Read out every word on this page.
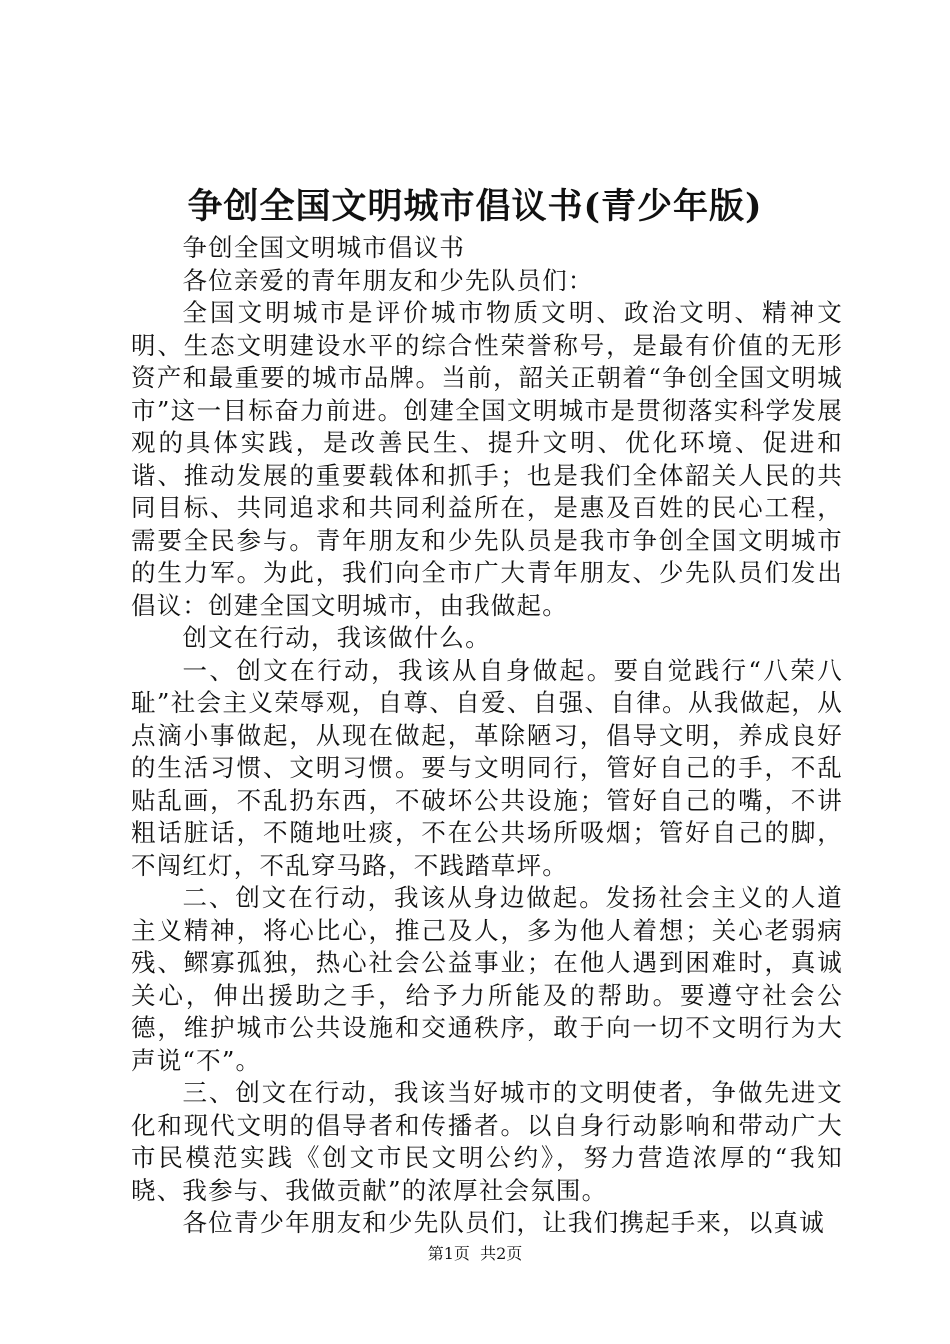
争创全国文明城市倡议书(青少年版)

争创全国文明城市倡议书

各位亲爱的青年朋友和少先队员们：

全国文明城市是评价城市物质文明、政治文明、精神文明、生态文明建设水平的综合性荣誉称号，是最有价值的无形资产和最重要的城市品牌。当前，韶关正朝着“争创全国文明城市”这一目标奋力前进。创建全国文明城市是贯彻落实科学发展观的具体实践，是改善民生、提升文明、优化环境、促进和谐、推动发展的重要载体和抓手；也是我们全体韶关人民的共同目标、共同追求和共同利益所在，是惠及百姓的民心工程，需要全民参与。青年朋友和少先队员是我市争创全国文明城市的生力军。为此，我们向全市广大青年朋友、少先队员们发出倡议：创建全国文明城市，由我做起。

创文在行动，我该做什么。

一、创文在行动，我该从自身做起。要自觉践行“八荣八耻”社会主义荣辱观，自尊、自爱、自强、自律。从我做起，从点滴小事做起，从现在做起，革除陋习，倡导文明，养成良好的生活习惯、文明习惯。要与文明同行，管好自己的手，不乱贴乱画，不乱扔东西，不破坏公共设施；管好自己的嘴，不讲粗话脏话，不随地吐痰，不在公共场所吸烟；管好自己的脚，不闯红灯，不乱穿马路，不践踏草坪。

二、创文在行动，我该从身边做起。发扬社会主义的人道主义精神，将心比心，推己及人，多为他人着想；关心老弱病残、鳏寡孤独，热心社会公益事业；在他人遇到困难时，真诚关心，伸出援助之手，给予力所能及的帮助。要遵守社会公德，维护城市公共设施和交通秩序，敢于向一切不文明行为大声说“不”。

三、创文在行动，我该当好城市的文明使者，争做先进文化和现代文明的倡导者和传播者。以自身行动影响和带动广大市民模范实践《创文市民文明公约》，努力营造浓厚的“我知晓、我参与、我做贡献”的浓厚社会氛围。

各位青少年朋友和少先队员们，让我们携起手来，以真诚

第1页  共2页
